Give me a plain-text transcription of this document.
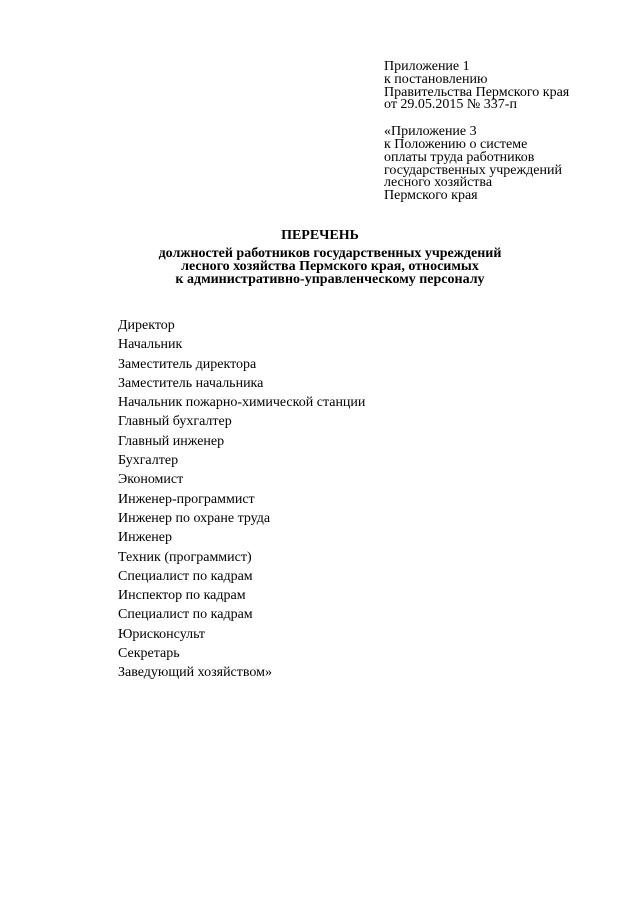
Приложение 1
к постановлению
Правительства Пермского края
от 29.05.2015 № 337-п
«Приложение 3
к Положению о системе
оплаты труда работников
государственных учреждений
лесного хозяйства
Пермского края
ПЕРЕЧЕНЬ
должностей работников государственных учреждений
лесного хозяйства Пермского края, относимых
к административно-управленческому персоналу
Директор
Начальник
Заместитель директора
Заместитель начальника
Начальник пожарно-химической станции
Главный бухгалтер
Главный инженер
Бухгалтер
Экономист
Инженер-программист
Инженер по охране труда
Инженер
Техник (программист)
Специалист по кадрам
Инспектор по кадрам
Специалист по кадрам
Юрисконсульт
Секретарь
Заведующий хозяйством»
